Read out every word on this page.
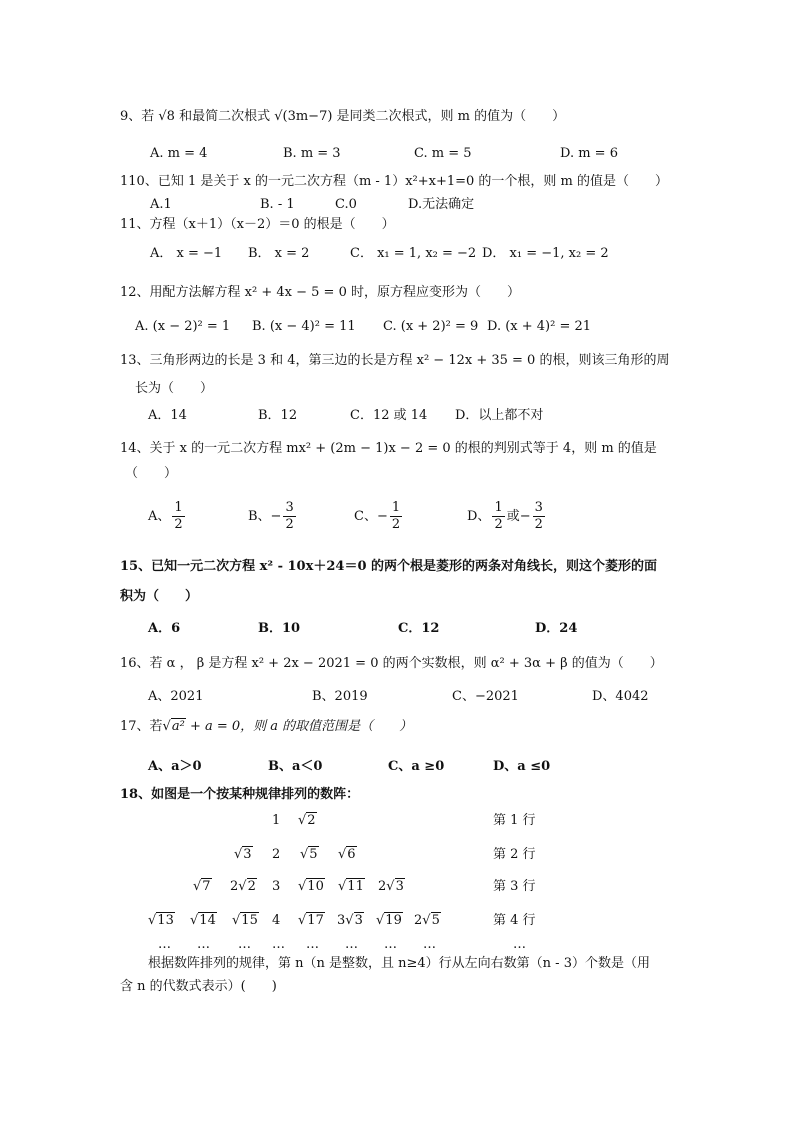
9、若 √8 和最简二次根式 √(3m−7) 是同类二次根式，则 m 的值为（　　）
A. m = 4	B. m = 3	C. m = 5	D. m = 6
110、已知 1 是关于 x 的一元二次方程（m - 1）x²+x+1=0 的一个根，则 m 的值是（　　）
A.1	B. - 1	C.0	D.无法确定
11、方程（x＋1）（x－2）＝0 的根是（　　）
A． x = −1 B． x = 2	C． x₁ = 1, x₂ = −2 D． x₁ = −1, x₂ = 2
12、用配方法解方程 x² + 4x − 5 = 0 时，原方程应变形为（　　）
A. (x − 2)² = 1 B. (x − 4)² = 11 C. (x + 2)² = 9 D. (x + 4)² = 21
13、三角形两边的长是 3 和 4，第三边的长是方程 x² − 12x + 35 = 0 的根，则该三角形的周
长为（　　）
A．14	B．12	C．12 或 14 D．以上都不对
14、关于 x 的一元二次方程 mx² + (2m − 1)x − 2 = 0 的根的判别式等于 4，则 m 的值是
（　　）
A、 $\frac{1}{2}$	B、− $\frac{3}{2}$	C、− $\frac{1}{2}$	D、 $\frac{1}{2}$ 或− $\frac{3}{2}$
15、已知一元二次方程 x² - 10x＋24＝0 的两个根是菱形的两条对角线长，则这个菱形的面
积为（　　）
A．6	B．10	C．12	D．24
16、若 α ， β 是方程 x² + 2x − 2021 = 0 的两个实数根，则 α² + 3α + β 的值为（　　）
A、2021	B、2019	C、−2021	D、4042
17、若√a² + a = 0，则 a 的取值范围是（　　）
A、a＞0	B、a＜0	C、a ≥0	D、a ≤0
18、如图是一个按某种规律排列的数阵：
1 √2	第 1 行
√3 2 √5 √6	第 2 行
√7 2√2 3 √10 √11 2√3	第 3 行
√13 √14 √15 4 √17 3√3 √19 2√5	第 4 行
… … … … … … … …	…
根据数阵排列的规律，第 n（n 是整数，且 n≥4）行从左向右数第（n - 3）个数是（用
含 n 的代数式表示）(　　)
